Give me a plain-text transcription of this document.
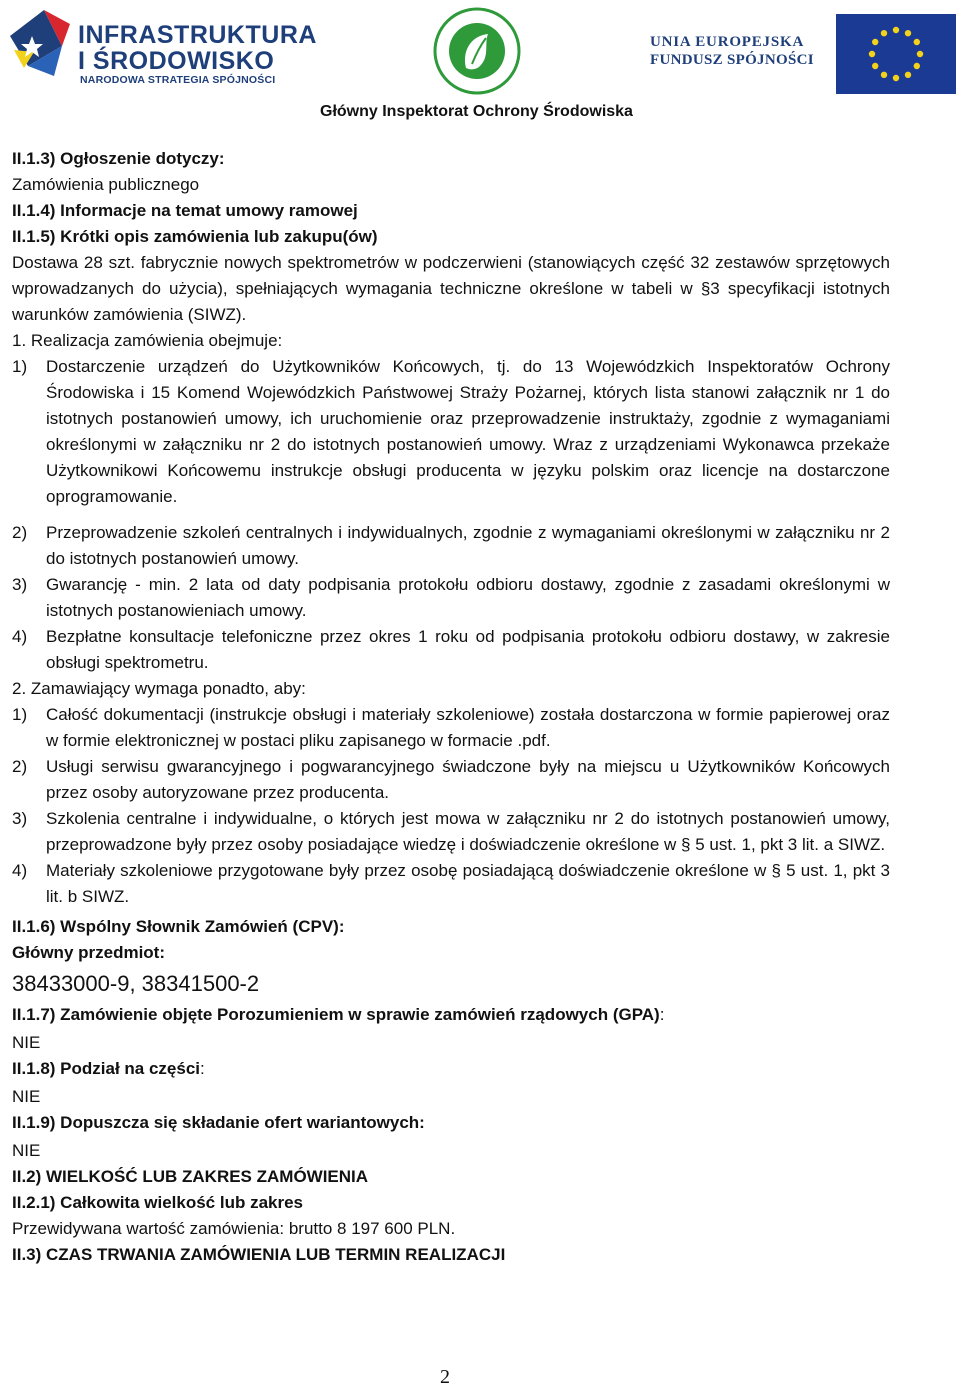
INFRASTRUKTURA
I ŚRODOWISKO
NARODOWA STRATEGIA SPÓJNOŚCI
Główny Inspektorat Ochrony Środowiska
UNIA EUROPEJSKA
FUNDUSZ SPÓJNOŚCI

II.1.3) Ogłoszenie dotyczy:

Zamówienia publicznego

II.1.4) Informacje na temat umowy ramowej

II.1.5) Krótki opis zamówienia lub zakupu(ów)

Dostawa 28 szt. fabrycznie nowych spektrometrów w podczerwieni (stanowiących część 32 zestawów sprzętowych wprowadzanych do użycia), spełniających wymagania techniczne określone w tabeli w §3 specyfikacji istotnych warunków zamówienia (SIWZ).

1. Realizacja zamówienia obejmuje:

1) Dostarczenie urządzeń do Użytkowników Końcowych, tj. do 13 Wojewódzkich Inspektoratów Ochrony Środowiska i 15 Komend Wojewódzkich Państwowej Straży Pożarnej, których lista stanowi załącznik nr 1 do istotnych postanowień umowy, ich uruchomienie oraz przeprowadzenie instruktaży, zgodnie z wymaganiami określonymi w załączniku nr 2 do istotnych postanowień umowy. Wraz z urządzeniami Wykonawca przekaże Użytkownikowi Końcowemu instrukcje obsługi producenta w języku polskim oraz licencje na dostarczone oprogramowanie.
2) Przeprowadzenie szkoleń centralnych i indywidualnych, zgodnie z wymaganiami określonymi w załączniku nr 2 do istotnych postanowień umowy.
3) Gwarancję - min. 2 lata od daty podpisania protokołu odbioru dostawy, zgodnie z zasadami określonymi w istotnych postanowieniach umowy.
4) Bezpłatne konsultacje telefoniczne przez okres 1 roku od podpisania protokołu odbioru dostawy, w zakresie obsługi spektrometru.

2. Zamawiający wymaga ponadto, aby:

1) Całość dokumentacji (instrukcje obsługi i materiały szkoleniowe) została dostarczona w formie papierowej oraz w formie elektronicznej w postaci pliku zapisanego w formacie .pdf.
2) Usługi serwisu gwarancyjnego i pogwarancyjnego świadczone były na miejscu u Użytkowników Końcowych przez osoby autoryzowane przez producenta.
3) Szkolenia centralne i indywidualne, o których jest mowa w załączniku nr 2 do istotnych postanowień umowy, przeprowadzone były przez osoby posiadające wiedzę i doświadczenie określone w § 5 ust. 1, pkt 3 lit. a SIWZ.
4) Materiały szkoleniowe przygotowane były przez osobę posiadającą doświadczenie określone w § 5 ust. 1, pkt 3 lit. b SIWZ.

II.1.6) Wspólny Słownik Zamówień (CPV):

Główny przedmiot:

38433000-9, 38341500-2

II.1.7) Zamówienie objęte Porozumieniem w sprawie zamówień rządowych (GPA):

NIE

II.1.8) Podział na części:

NIE

II.1.9) Dopuszcza się składanie ofert wariantowych:

NIE

II.2) WIELKOŚĆ LUB ZAKRES ZAMÓWIENIA

II.2.1) Całkowita wielkość lub zakres

Przewidywana wartość zamówienia: brutto 8 197 600 PLN.

II.3) CZAS TRWANIA ZAMÓWIENIA LUB TERMIN REALIZACJI

2
